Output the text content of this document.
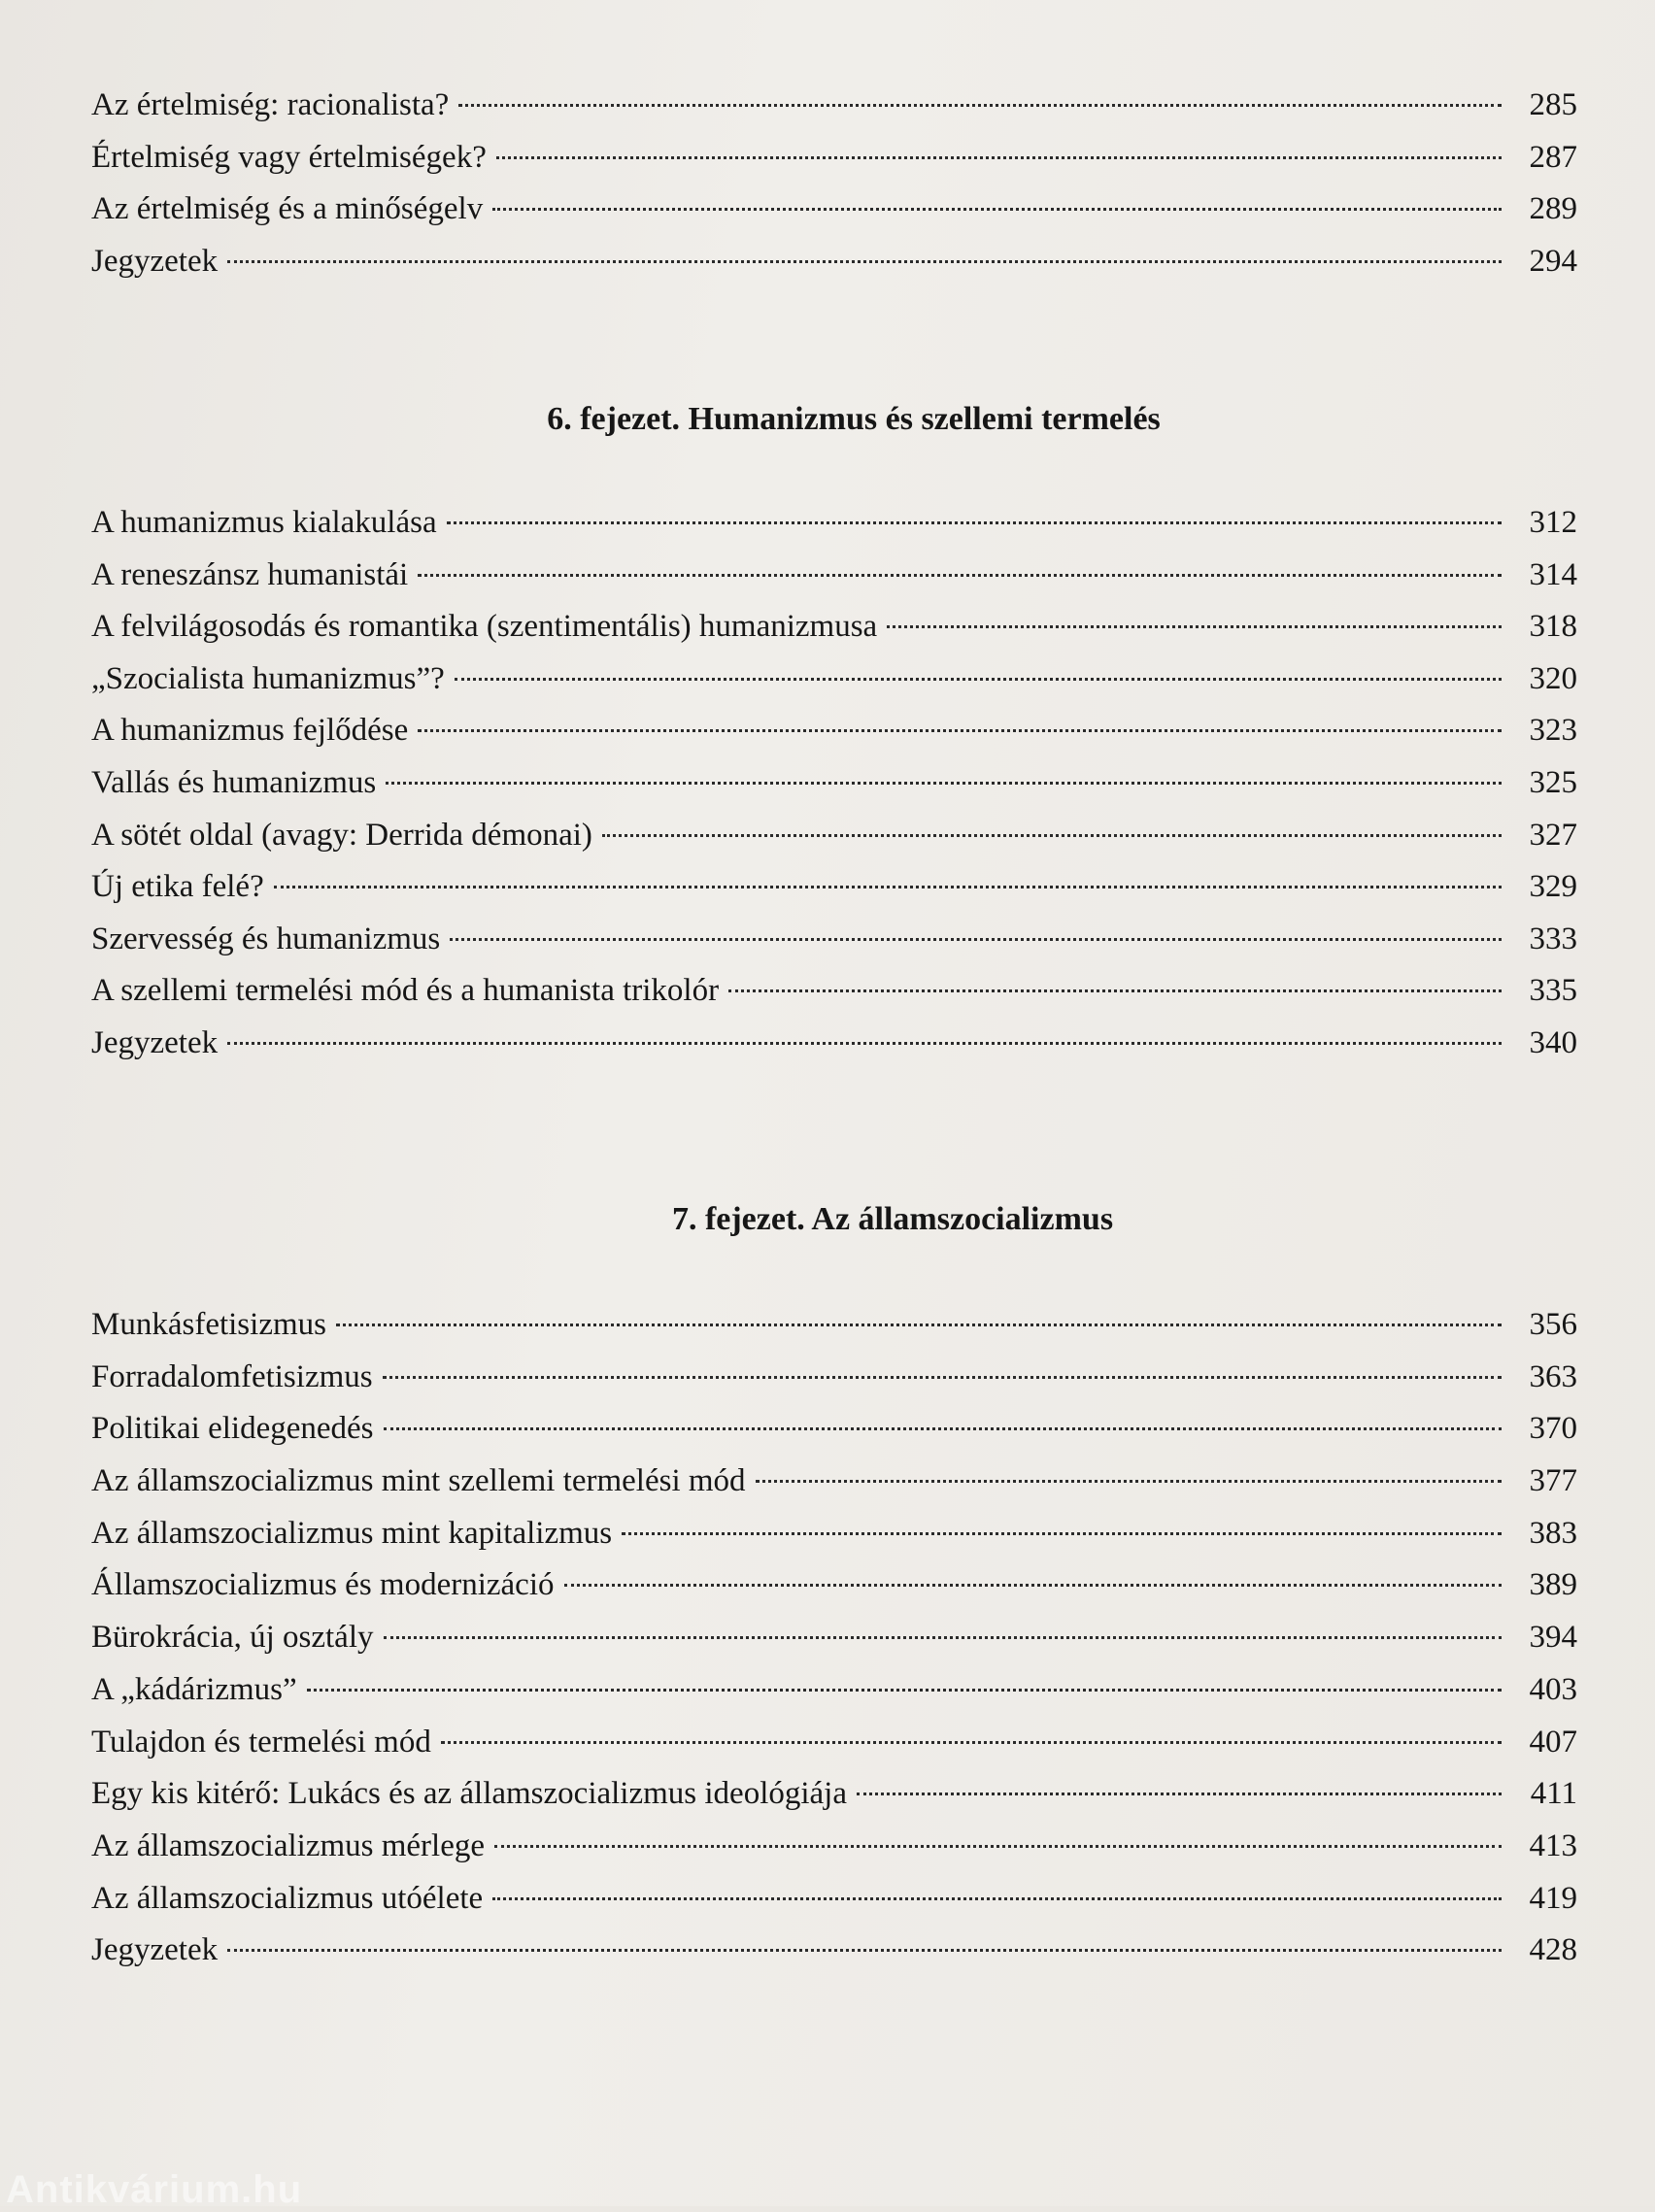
Az értelmiség: racionalista?	285
Értelmiség vagy értelmiségek?	287
Az értelmiség és a minőségelv	289
Jegyzetek	294
6. fejezet. Humanizmus és szellemi termelés
A humanizmus kialakulása	312
A reneszánsz humanistái	314
A felvilágosodás és romantika (szentimentális) humanizmusa	318
„Szocialista humanizmus”?	320
A humanizmus fejlődése	323
Vallás és humanizmus	325
A sötét oldal (avagy: Derrida démonai)	327
Új etika felé?	329
Szervesség és humanizmus	333
A szellemi termelési mód és a humanista trikolór	335
Jegyzetek	340
7. fejezet. Az államszocializmus
Munkásfetisizmus	356
Forradalomfetisizmus	363
Politikai elidegenedés	370
Az államszocializmus mint szellemi termelési mód	377
Az államszocializmus mint kapitalizmus	383
Államszocializmus és modernizáció	389
Bürokrácia, új osztály	394
A „kádárizmus”	403
Tulajdon és termelési mód	407
Egy kis kitérő: Lukács és az államszocializmus ideológiája	411
Az államszocializmus mérlege	413
Az államszocializmus utóélete	419
Jegyzetek	428
Antikvárium.hu
